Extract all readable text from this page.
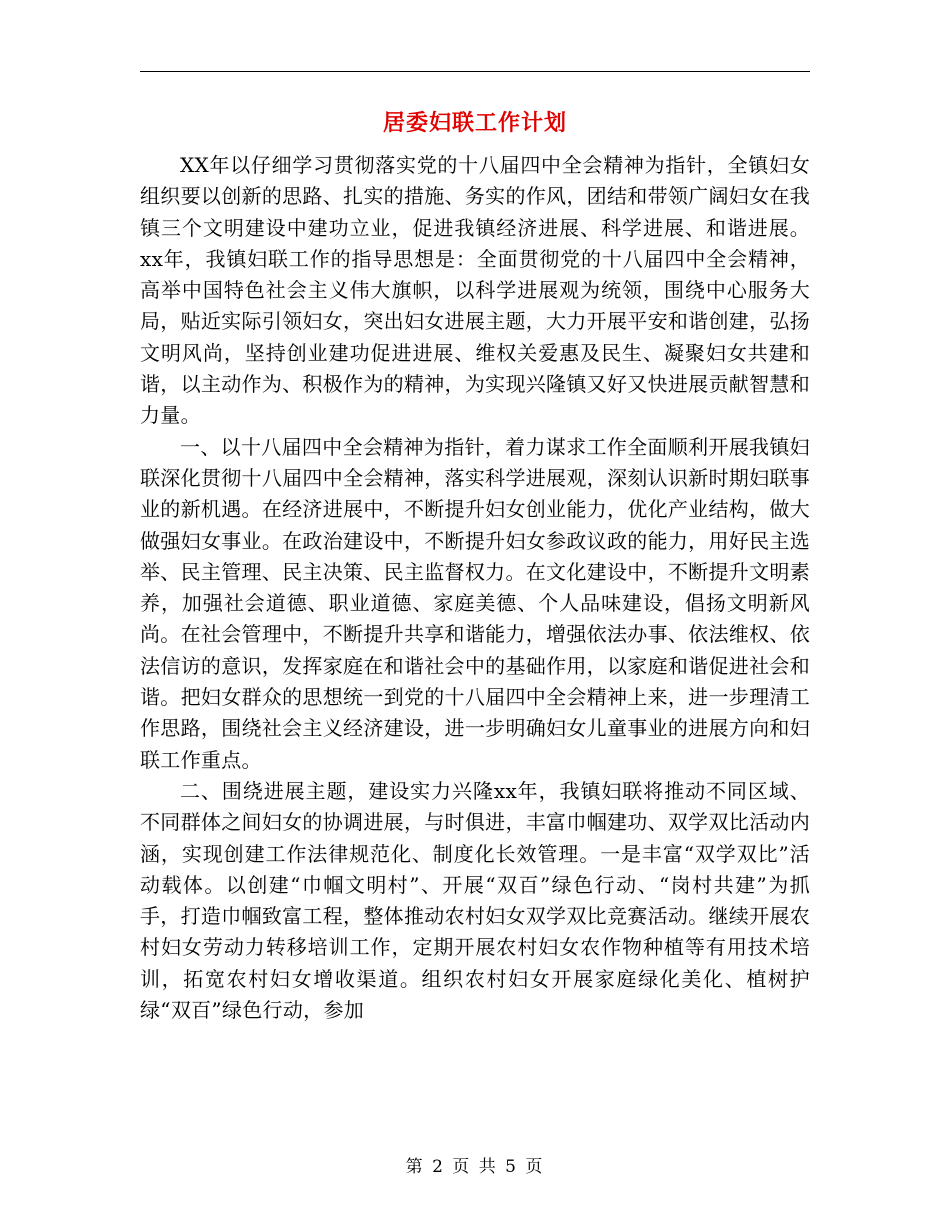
居委妇联工作计划

XX年以仔细学习贯彻落实党的十八届四中全会精神为指针，全镇妇女组织要以创新的思路、扎实的措施、务实的作风，团结和带领广阔妇女在我镇三个文明建设中建功立业，促进我镇经济进展、科学进展、和谐进展。xx年，我镇妇联工作的指导思想是：全面贯彻党的十八届四中全会精神，高举中国特色社会主义伟大旗帜，以科学进展观为统领，围绕中心服务大局，贴近实际引领妇女，突出妇女进展主题，大力开展平安和谐创建，弘扬文明风尚，坚持创业建功促进进展、维权关爱惠及民生、凝聚妇女共建和谐，以主动作为、积极作为的精神，为实现兴隆镇又好又快进展贡献智慧和力量。

一、以十八届四中全会精神为指针，着力谋求工作全面顺利开展我镇妇联深化贯彻十八届四中全会精神，落实科学进展观，深刻认识新时期妇联事业的新机遇。在经济进展中，不断提升妇女创业能力，优化产业结构，做大做强妇女事业。在政治建设中，不断提升妇女参政议政的能力，用好民主选举、民主管理、民主决策、民主监督权力。在文化建设中，不断提升文明素养，加强社会道德、职业道德、家庭美德、个人品味建设，倡扬文明新风尚。在社会管理中，不断提升共享和谐能力，增强依法办事、依法维权、依法信访的意识，发挥家庭在和谐社会中的基础作用，以家庭和谐促进社会和谐。把妇女群众的思想统一到党的十八届四中全会精神上来，进一步理清工作思路，围绕社会主义经济建设，进一步明确妇女儿童事业的进展方向和妇联工作重点。

二、围绕进展主题，建设实力兴隆xx年，我镇妇联将推动不同区域、不同群体之间妇女的协调进展，与时俱进，丰富巾帼建功、双学双比活动内涵，实现创建工作法律规范化、制度化长效管理。一是丰富“双学双比”活动载体。以创建“巾帼文明村”、开展“双百”绿色行动、“岗村共建”为抓手，打造巾帼致富工程，整体推动农村妇女双学双比竞赛活动。继续开展农村妇女劳动力转移培训工作，定期开展农村妇女农作物种植等有用技术培训，拓宽农村妇女增收渠道。组织农村妇女开展家庭绿化美化、植树护绿“双百”绿色行动，参加

第 2 页 共 5 页
